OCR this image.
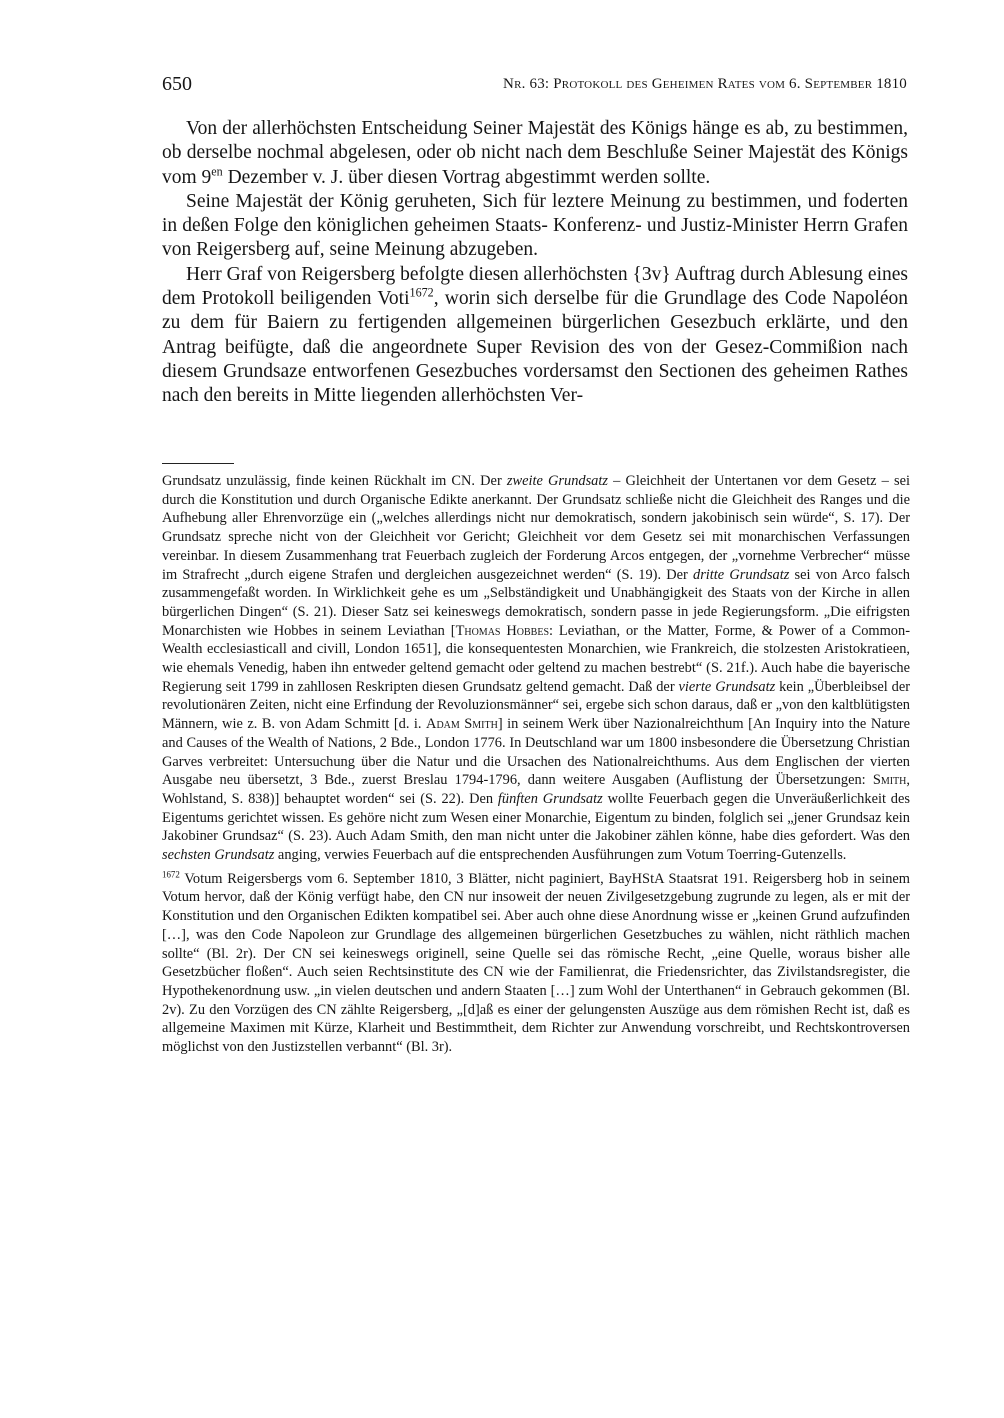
650	Nr. 63: Protokoll des Geheimen Rates vom 6. September 1810

Von der allerhöchsten Entscheidung Seiner Majestät des Königs hänge es ab, zu bestimmen, ob derselbe nochmal abgelesen, oder ob nicht nach dem Beschluße Seiner Majestät des Königs vom $9^{en}$ Dezember v. J. über diesen Vortrag abgestimmt werden sollte.

Seine Majestät der König geruheten, Sich für leztere Meinung zu bestimmen, und foderten in deßen Folge den königlichen geheimen Staats- Konferenz- und Justiz-Minister Herrn Grafen von Reigersberg auf, seine Meinung abzugeben.

Herr Graf von Reigersberg befolgte diesen allerhöchsten {3v} Auftrag durch Ablesung eines dem Protokoll beiligenden Voti$^{1672}$, worin sich derselbe für die Grundlage des Code Napoléon zu dem für Baiern zu fertigenden allgemeinen bürgerlichen Gesezbuch erklärte, und den Antrag beifügte, daß die angeordnete Super Revision des von der Gesez-Commißion nach diesem Grundsaze entworfenen Gesezbuches vordersamst den Sectionen des geheimen Rathes nach den bereits in Mitte liegenden allerhöchsten Ver-

Grundsatz unzulässig, finde keinen Rückhalt im CN. Der zweite Grundsatz – Gleichheit der Untertanen vor dem Gesetz – sei durch die Konstitution und durch Organische Edikte anerkannt. Der Grundsatz schließe nicht die Gleichheit des Ranges und die Aufhebung aller Ehrenvorzüge ein („welches allerdings nicht nur demokratisch, sondern jakobinisch sein würde“, S. 17). Der Grundsatz spreche nicht von der Gleichheit vor Gericht; Gleichheit vor dem Gesetz sei mit monarchischen Verfassungen vereinbar. In diesem Zusammenhang trat Feuerbach zugleich der Forderung Arcos entgegen, der „vornehme Verbrecher“ müsse im Strafrecht „durch eigene Strafen und dergleichen ausgezeichnet werden“ (S. 19). Der dritte Grundsatz sei von Arco falsch zusammengefaßt worden. In Wirklichkeit gehe es um „Selbständigkeit und Unabhängigkeit des Staats von der Kirche in allen bürgerlichen Dingen“ (S. 21). Dieser Satz sei keineswegs demokratisch, sondern passe in jede Regierungsform. „Die eifrigsten Monarchisten wie Hobbes in seinem Leviathan [Thomas Hobbes: Leviathan, or the Matter, Forme, & Power of a Common-Wealth ecclesiasticall and civill, London 1651], die konsequentesten Monarchien, wie Frankreich, die stolzesten Aristokratieen, wie ehemals Venedig, haben ihn entweder geltend gemacht oder geltend zu machen bestrebt“ (S. 21f.). Auch habe die bayerische Regierung seit 1799 in zahllosen Reskripten diesen Grundsatz geltend gemacht. Daß der vierte Grundsatz kein „Überbleibsel der revolutionären Zeiten, nicht eine Erfindung der Revoluzionsmänner“ sei, ergebe sich schon daraus, daß er „von den kaltblütigsten Männern, wie z. B. von Adam Schmitt [d. i. Adam Smith] in seinem Werk über Nazionalreichthum [An Inquiry into the Nature and Causes of the Wealth of Nations, 2 Bde., London 1776. In Deutschland war um 1800 insbesondere die Übersetzung Christian Garves verbreitet: Untersuchung über die Natur und die Ursachen des Nationalreichthums. Aus dem Englischen der vierten Ausgabe neu übersetzt, 3 Bde., zuerst Breslau 1794-1796, dann weitere Ausgaben (Auflistung der Übersetzungen: Smith, Wohlstand, S. 838)] behauptet worden“ sei (S. 22). Den fünften Grundsatz wollte Feuerbach gegen die Unveräußerlichkeit des Eigentums gerichtet wissen. Es gehöre nicht zum Wesen einer Monarchie, Eigentum zu binden, folglich sei „jener Grundsaz kein Jakobiner Grundsaz“ (S. 23). Auch Adam Smith, den man nicht unter die Jakobiner zählen könne, habe dies gefordert. Was den sechsten Grundsatz anging, verwies Feuerbach auf die entsprechenden Ausführungen zum Votum Toerring-Gutenzells.

$^{1672}$ Votum Reigersbergs vom 6. September 1810, 3 Blätter, nicht paginiert, BayHStA Staatsrat 191. Reigersberg hob in seinem Votum hervor, daß der König verfügt habe, den CN nur insoweit der neuen Zivilgesetzgebung zugrunde zu legen, als er mit der Konstitution und den Organischen Edikten kompatibel sei. Aber auch ohne diese Anordnung wisse er „keinen Grund aufzufinden […], was den Code Napoleon zur Grundlage des allgemeinen bürgerlichen Gesetzbuches zu wählen, nicht räthlich machen sollte“ (Bl. 2r). Der CN sei keineswegs originell, seine Quelle sei das römische Recht, „eine Quelle, woraus bisher alle Gesetzbücher floßen“. Auch seien Rechtsinstitute des CN wie der Familienrat, die Friedensrichter, das Zivilstandsregister, die Hypothekenordnung usw. „in vielen deutschen und andern Staaten […] zum Wohl der Unterthanen“ in Gebrauch gekommen (Bl. 2v). Zu den Vorzügen des CN zählte Reigersberg, „[d]aß es einer der gelungensten Auszüge aus dem römishen Recht ist, daß es allgemeine Maximen mit Kürze, Klarheit und Bestimmtheit, dem Richter zur Anwendung vorschreibt, und Rechtskontroversen möglichst von den Justizstellen verbannt“ (Bl. 3r).
